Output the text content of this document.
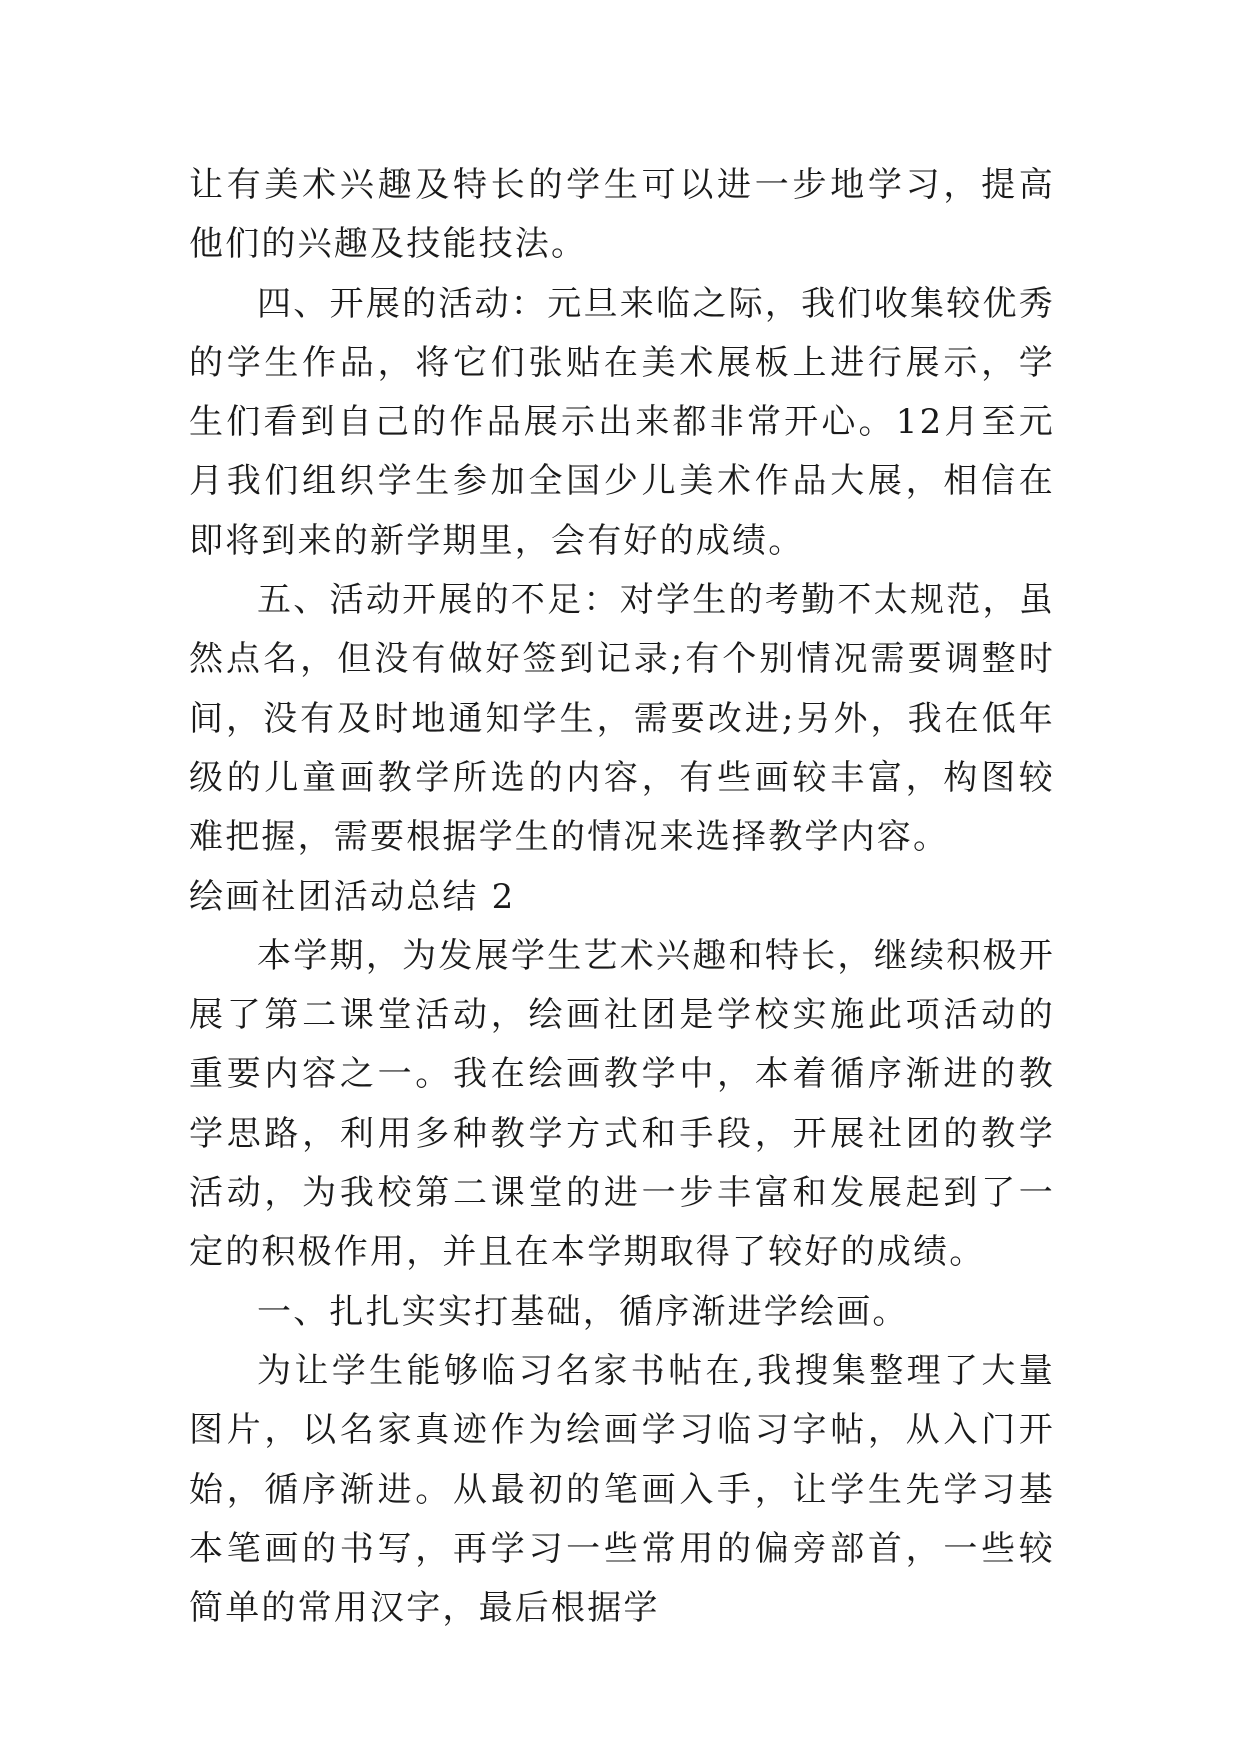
让有美术兴趣及特长的学生可以进一步地学习，提高他们的兴趣及技能技法。

四、开展的活动：元旦来临之际，我们收集较优秀的学生作品，将它们张贴在美术展板上进行展示，学生们看到自己的作品展示出来都非常开心。12月至元月我们组织学生参加全国少儿美术作品大展，相信在即将到来的新学期里，会有好的成绩。

五、活动开展的不足：对学生的考勤不太规范，虽然点名，但没有做好签到记录;有个别情况需要调整时间，没有及时地通知学生，需要改进;另外，我在低年级的儿童画教学所选的内容，有些画较丰富，构图较难把握，需要根据学生的情况来选择教学内容。

绘画社团活动总结 2

本学期，为发展学生艺术兴趣和特长，继续积极开展了第二课堂活动，绘画社团是学校实施此项活动的重要内容之一。我在绘画教学中，本着循序渐进的教学思路，利用多种教学方式和手段，开展社团的教学活动，为我校第二课堂的进一步丰富和发展起到了一定的积极作用，并且在本学期取得了较好的成绩。

一、扎扎实实打基础，循序渐进学绘画。

为让学生能够临习名家书帖在,我搜集整理了大量图片，以名家真迹作为绘画学习临习字帖，从入门开始，循序渐进。从最初的笔画入手，让学生先学习基本笔画的书写，再学习一些常用的偏旁部首，一些较简单的常用汉字，最后根据学
